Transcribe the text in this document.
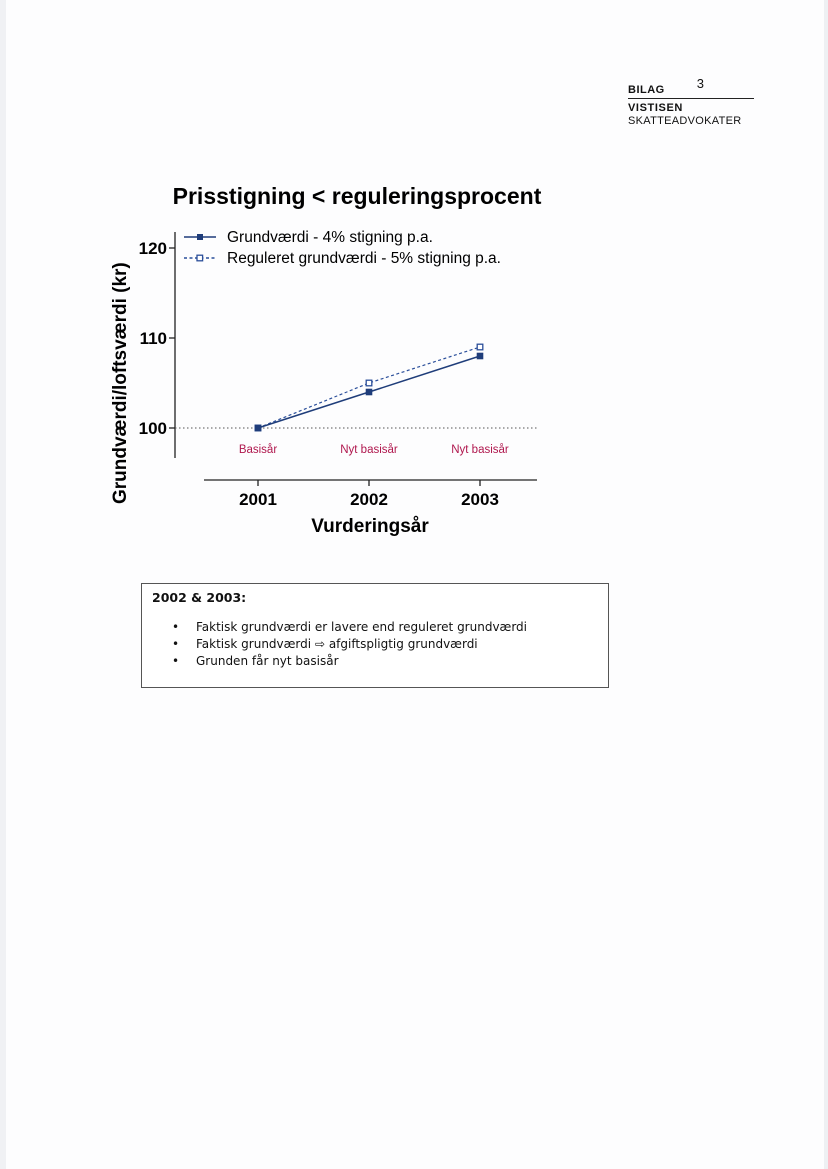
BILAG 3
VISTISEN
SKATTEADVOKATER
Prisstigning < reguleringsprocent
Grundværdi/loftsværdi (kr) 100
110
120
2001	2002	2003
Basisår	Nyt basisår	Nyt basisår
Grundværdi - 4% stigning p.a.
Reguleret grundværdi - 5% stigning p.a.
Vurderingsår
2002 & 2003:
• Faktisk grundværdi er lavere end reguleret grundværdi
• Faktisk grundværdi ⇨ afgiftspligtig grundværdi
• Grunden får nyt basisår
